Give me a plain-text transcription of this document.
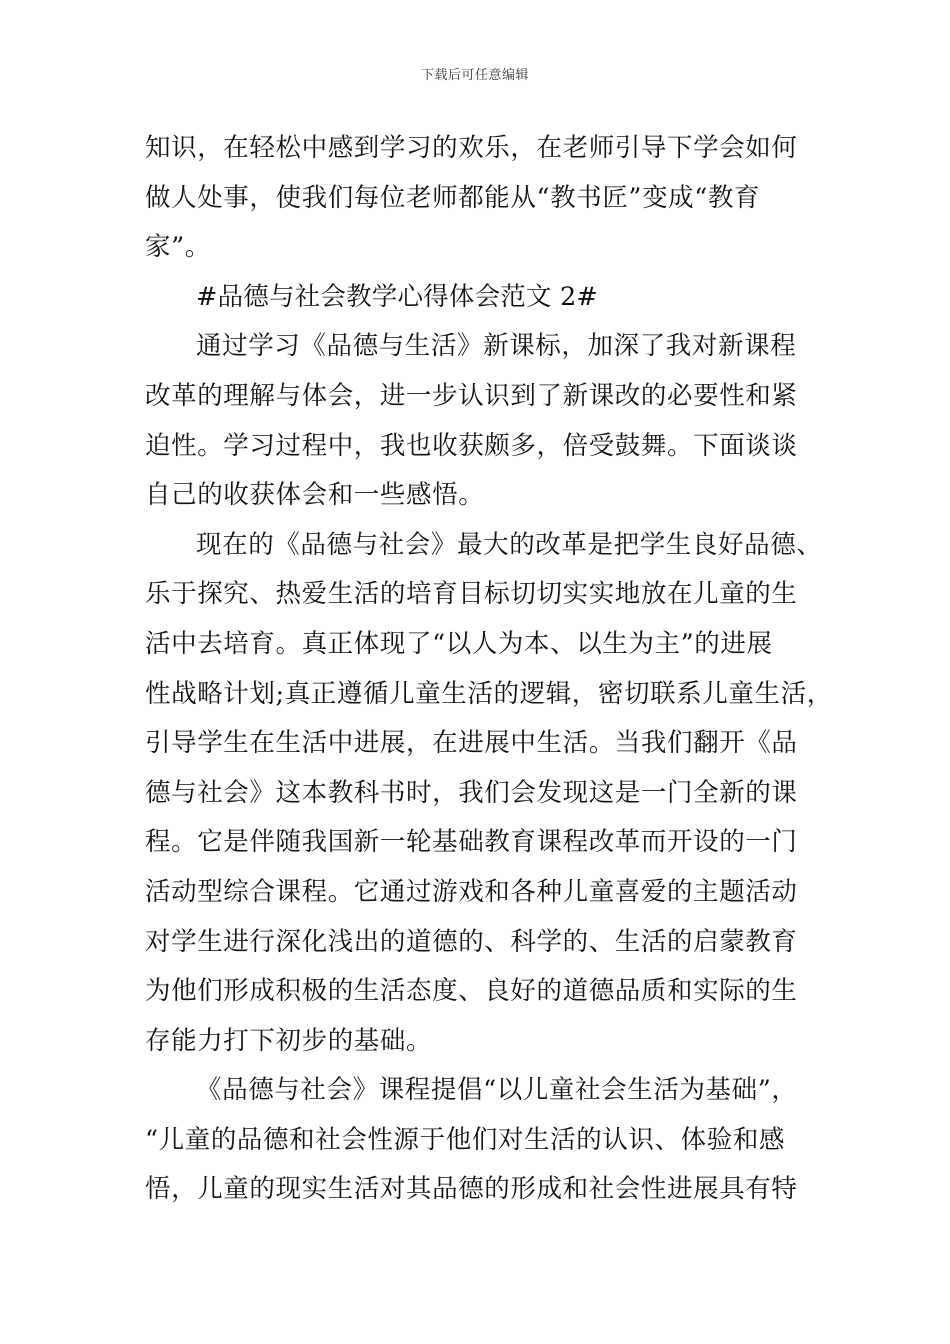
下载后可任意编辑
知识，在轻松中感到学习的欢乐，在老师引导下学会如何
做人处事，使我们每位老师都能从“教书匠”变成“教育
家”。
#品德与社会教学心得体会范文 2#
通过学习《品德与生活》新课标，加深了我对新课程
改革的理解与体会，进一步认识到了新课改的必要性和紧
迫性。学习过程中，我也收获颇多，倍受鼓舞。下面谈谈
自己的收获体会和一些感悟。
现在的《品德与社会》最大的改革是把学生良好品德、
乐于探究、热爱生活的培育目标切切实实地放在儿童的生
活中去培育。真正体现了“以人为本、以生为主”的进展
性战略计划;真正遵循儿童生活的逻辑，密切联系儿童生活，
引导学生在生活中进展，在进展中生活。当我们翻开《品
德与社会》这本教科书时，我们会发现这是一门全新的课
程。它是伴随我国新一轮基础教育课程改革而开设的一门
活动型综合课程。它通过游戏和各种儿童喜爱的主题活动
对学生进行深化浅出的道德的、科学的、生活的启蒙教育
为他们形成积极的生活态度、良好的道德品质和实际的生
存能力打下初步的基础。
《品德与社会》课程提倡“以儿童社会生活为基础”，
“儿童的品德和社会性源于他们对生活的认识、体验和感
悟，儿童的现实生活对其品德的形成和社会性进展具有特
